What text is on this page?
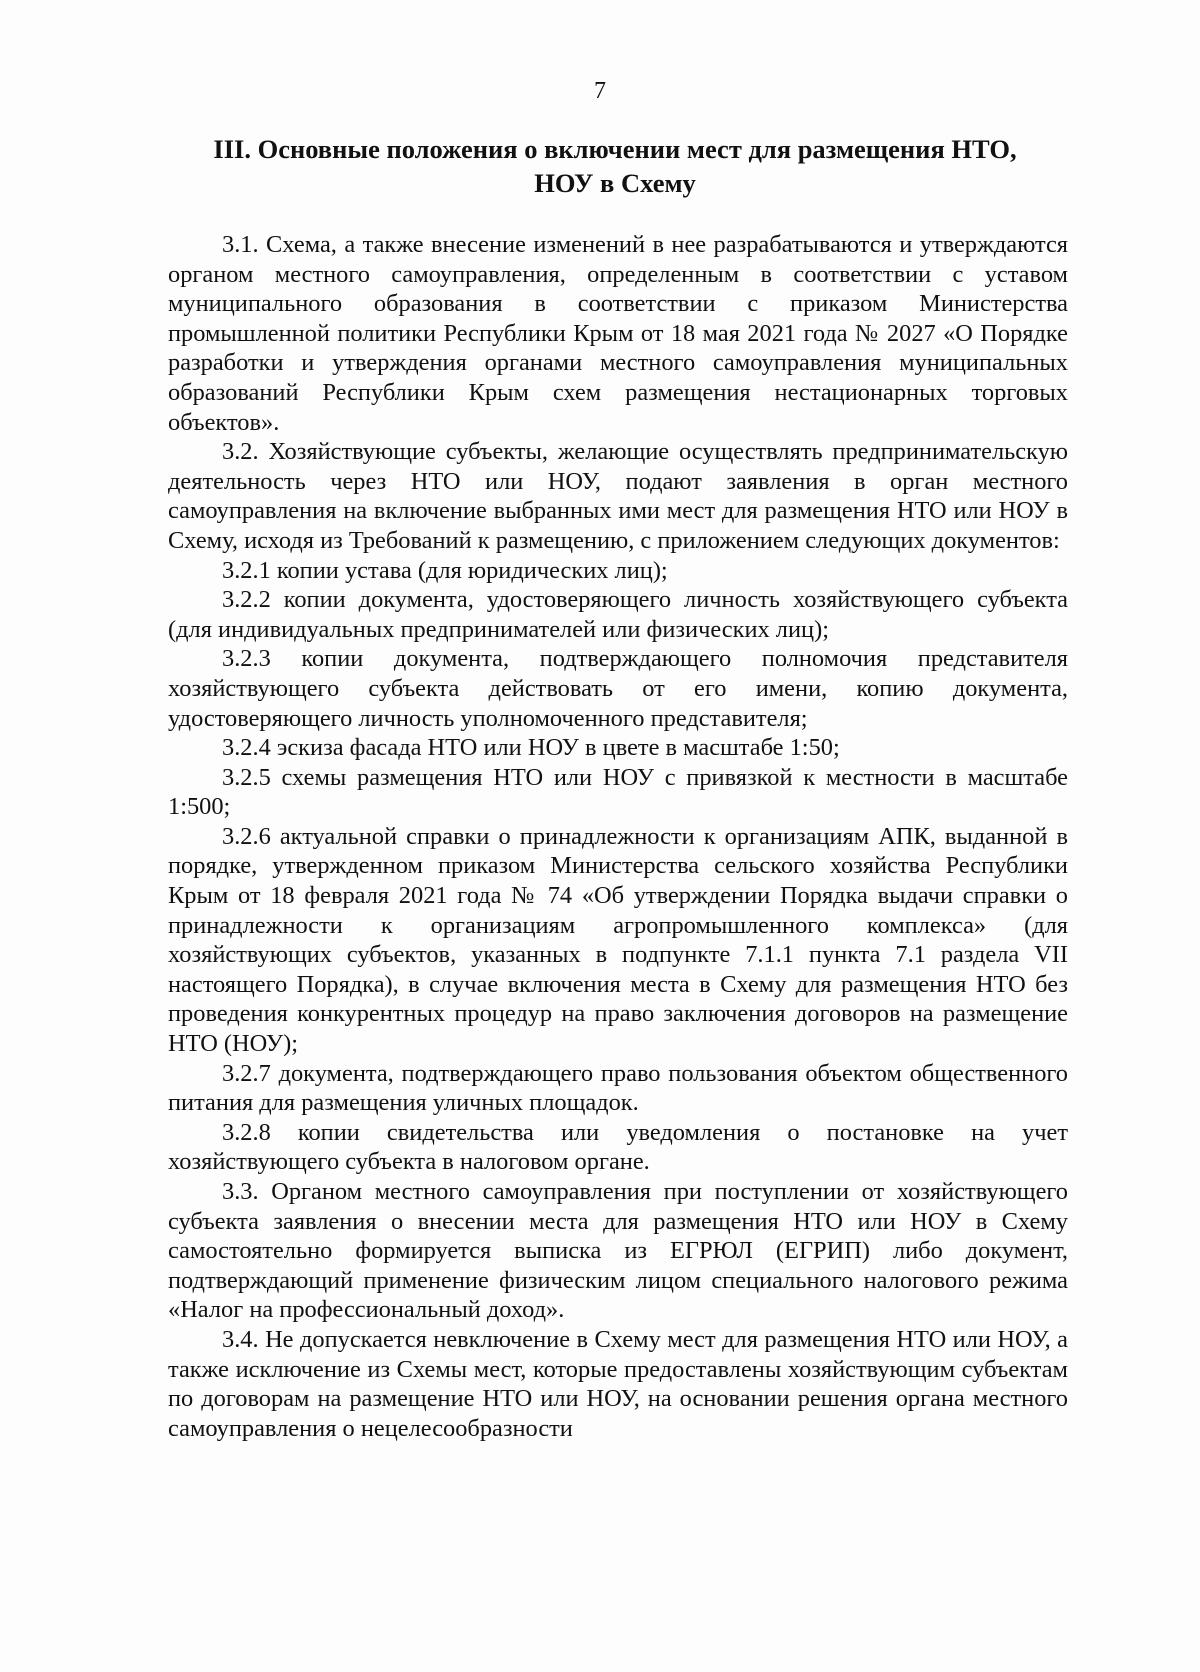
7
III. Основные положения о включении мест для размещения НТО,
НОУ в Схему

3.1. Схема, а также внесение изменений в нее разрабатываются и утверждаются органом местного самоуправления, определенным в соответствии с уставом муниципального образования в соответствии с приказом Министерства промышленной политики Республики Крым от 18 мая 2021 года № 2027 «О Порядке разработки и утверждения органами местного самоуправления муниципальных образований Республики Крым схем размещения нестационарных торговых объектов».

3.2. Хозяйствующие субъекты, желающие осуществлять предпринимательскую деятельность через НТО или НОУ, подают заявления в орган местного самоуправления на включение выбранных ими мест для размещения НТО или НОУ в Схему, исходя из Требований к размещению, с приложением следующих документов:

3.2.1 копии устава (для юридических лиц);

3.2.2 копии документа, удостоверяющего личность хозяйствующего субъекта (для индивидуальных предпринимателей или физических лиц);

3.2.3 копии документа, подтверждающего полномочия представителя хозяйствующего субъекта действовать от его имени, копию документа, удостоверяющего личность уполномоченного представителя;

3.2.4 эскиза фасада НТО или НОУ в цвете в масштабе 1:50;

3.2.5 схемы размещения НТО или НОУ с привязкой к местности в масштабе 1:500;

3.2.6 актуальной справки о принадлежности к организациям АПК, выданной в порядке, утвержденном приказом Министерства сельского хозяйства Республики Крым от 18 февраля 2021 года № 74 «Об утверждении Порядка выдачи справки о принадлежности к организациям агропромышленного комплекса» (для хозяйствующих субъектов, указанных в подпункте 7.1.1 пункта 7.1 раздела VII настоящего Порядка), в случае включения места в Схему для размещения НТО без проведения конкурентных процедур на право заключения договоров на размещение НТО (НОУ);

3.2.7 документа, подтверждающего право пользования объектом общественного питания для размещения уличных площадок.

3.2.8 копии свидетельства или уведомления о постановке на учет хозяйствующего субъекта в налоговом органе.

3.3. Органом местного самоуправления при поступлении от хозяйствующего субъекта заявления о внесении места для размещения НТО или НОУ в Схему самостоятельно формируется выписка из ЕГРЮЛ (ЕГРИП) либо документ, подтверждающий применение физическим лицом специального налогового режима «Налог на профессиональный доход».

3.4. Не допускается невключение в Схему мест для размещения НТО или НОУ, а также исключение из Схемы мест, которые предоставлены хозяйствующим субъектам по договорам на размещение НТО или НОУ, на основании решения органа местного самоуправления о нецелесообразности
